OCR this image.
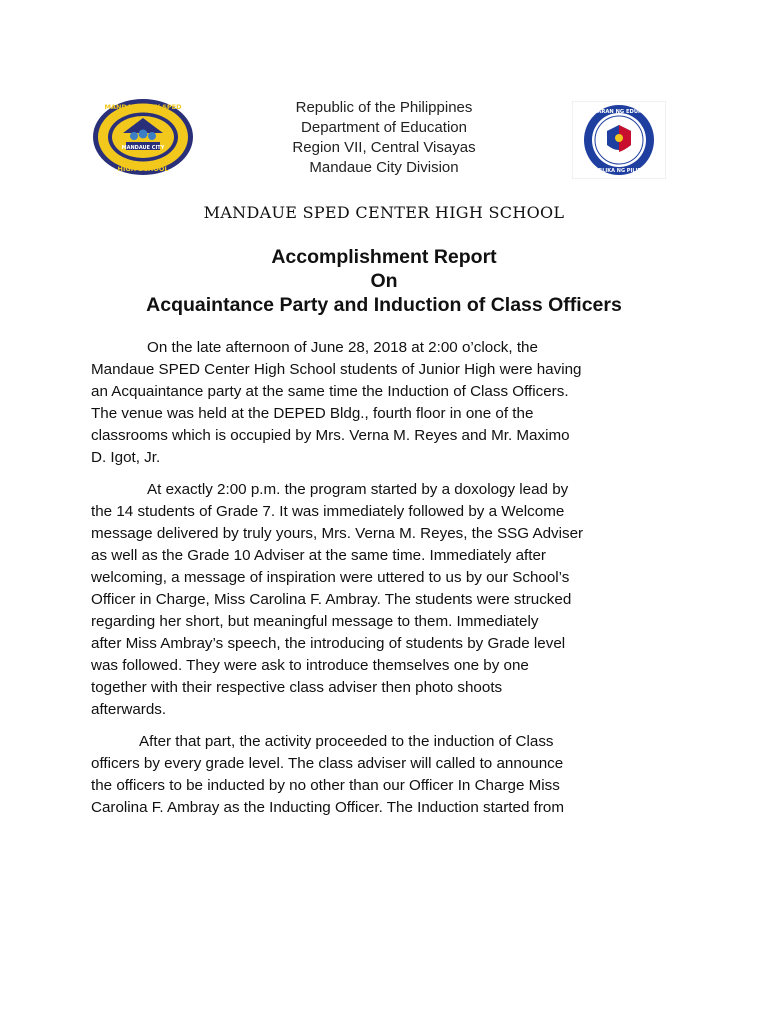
MANDAUE CITY
MANDAUE CITY SPED
HIGH SCHOOL
KAGAWARAN NG EDUKASYON
REPUBLIKA NG PILIPINAS
Republic of the Philippines
Department of Education
Region VII, Central Visayas
Mandaue City Division
MANDAUE SPED CENTER HIGH SCHOOL
Accomplishment Report
On
Acquaintance Party and Induction of Class Officers
On the late afternoon of June 28, 2018 at 2:00 o’clock, the
Mandaue SPED Center High School students of Junior High were having
an Acquaintance party at the same time the Induction of Class Officers.
The venue was held at the DEPED Bldg., fourth floor in one of the
classrooms which is occupied by Mrs. Verna M. Reyes and Mr. Maximo
D. Igot, Jr.
At exactly 2:00 p.m. the program started by a doxology lead by
the 14 students of Grade 7. It was immediately followed by a Welcome
message delivered by truly yours, Mrs. Verna M. Reyes, the SSG Adviser
as well as the Grade 10 Adviser at the same time. Immediately after
welcoming, a message of inspiration were uttered to us by our School’s
Officer in Charge, Miss Carolina F. Ambray. The students were strucked
regarding her short, but meaningful message to them. Immediately
after Miss Ambray’s speech, the introducing of students by Grade level
was followed. They were ask to introduce themselves one by one
together with their respective class adviser then photo shoots
afterwards.
After that part, the activity proceeded to the induction of Class
officers by every grade level. The class adviser will called to announce
the officers to be inducted by no other than our Officer In Charge Miss
Carolina F. Ambray as the Inducting Officer. The Induction started from
